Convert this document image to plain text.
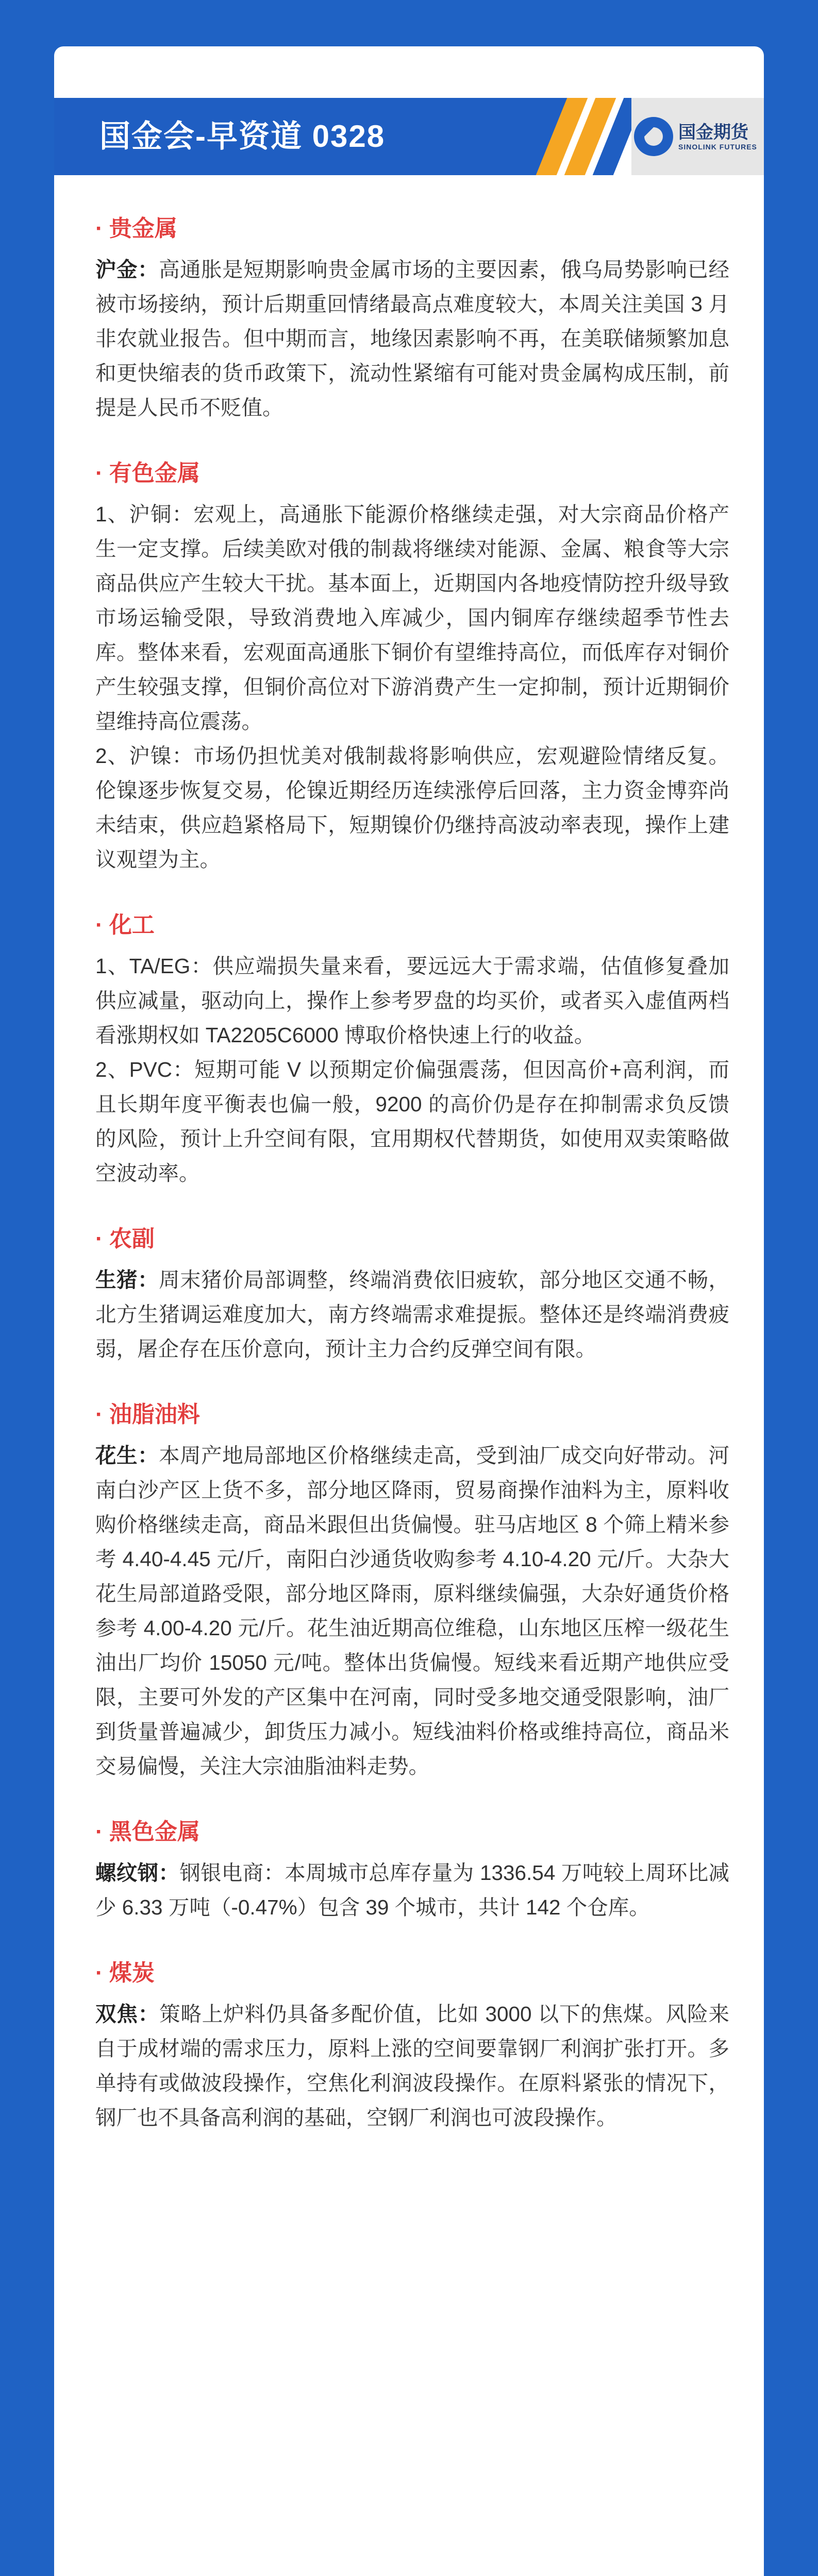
国金会-早资道 0328	国金期货
SINOLINK FUTURES
· 贵金属

沪金：高通胀是短期影响贵金属市场的主要因素，俄乌局势影响已经被市场接纳，预计后期重回情绪最高点难度较大，本周关注美国 3 月非农就业报告。但中期而言，地缘因素影响不再，在美联储频繁加息和更快缩表的货币政策下，流动性紧缩有可能对贵金属构成压制，前提是人民币不贬值。

· 有色金属

1、沪铜：宏观上，高通胀下能源价格继续走强，对大宗商品价格产生一定支撑。后续美欧对俄的制裁将继续对能源、金属、粮食等大宗商品供应产生较大干扰。基本面上，近期国内各地疫情防控升级导致市场运输受限，导致消费地入库减少，国内铜库存继续超季节性去库。整体来看，宏观面高通胀下铜价有望维持高位，而低库存对铜价产生较强支撑，但铜价高位对下游消费产生一定抑制，预计近期铜价望维持高位震荡。

2、沪镍：市场仍担忧美对俄制裁将影响供应，宏观避险情绪反复。伦镍逐步恢复交易，伦镍近期经历连续涨停后回落，主力资金博弈尚未结束，供应趋紧格局下，短期镍价仍继持高波动率表现，操作上建议观望为主。

· 化工

1、TA/EG：供应端损失量来看，要远远大于需求端，估值修复叠加供应减量，驱动向上，操作上参考罗盘的均买价，或者买入虚值两档看涨期权如 TA2205C6000 博取价格快速上行的收益。

2、PVC：短期可能 V 以预期定价偏强震荡，但因高价+高利润，而且长期年度平衡表也偏一般，9200 的高价仍是存在抑制需求负反馈的风险，预计上升空间有限，宜用期权代替期货，如使用双卖策略做空波动率。

· 农副

生猪：周末猪价局部调整，终端消费依旧疲软，部分地区交通不畅，北方生猪调运难度加大，南方终端需求难提振。整体还是终端消费疲弱，屠企存在压价意向，预计主力合约反弹空间有限。

· 油脂油料

花生：本周产地局部地区价格继续走高，受到油厂成交向好带动。河南白沙产区上货不多，部分地区降雨，贸易商操作油料为主，原料收购价格继续走高，商品米跟但出货偏慢。驻马店地区 8 个筛上精米参考 4.40-4.45 元/斤，南阳白沙通货收购参考 4.10-4.20 元/斤。大杂大花生局部道路受限，部分地区降雨，原料继续偏强，大杂好通货价格参考 4.00-4.20 元/斤。花生油近期高位维稳，山东地区压榨一级花生油出厂均价 15050 元/吨。整体出货偏慢。短线来看近期产地供应受限，主要可外发的产区集中在河南，同时受多地交通受限影响，油厂到货量普遍减少，卸货压力减小。短线油料价格或维持高位，商品米交易偏慢，关注大宗油脂油料走势。

· 黑色金属

螺纹钢：钢银电商：本周城市总库存量为 1336.54 万吨较上周环比减少 6.33 万吨（-0.47%）包含 39 个城市，共计 142 个仓库。

· 煤炭

双焦：策略上炉料仍具备多配价值，比如 3000 以下的焦煤。风险来自于成材端的需求压力，原料上涨的空间要靠钢厂利润扩张打开。多单持有或做波段操作，空焦化利润波段操作。在原料紧张的情况下，钢厂也不具备高利润的基础，空钢厂利润也可波段操作。
